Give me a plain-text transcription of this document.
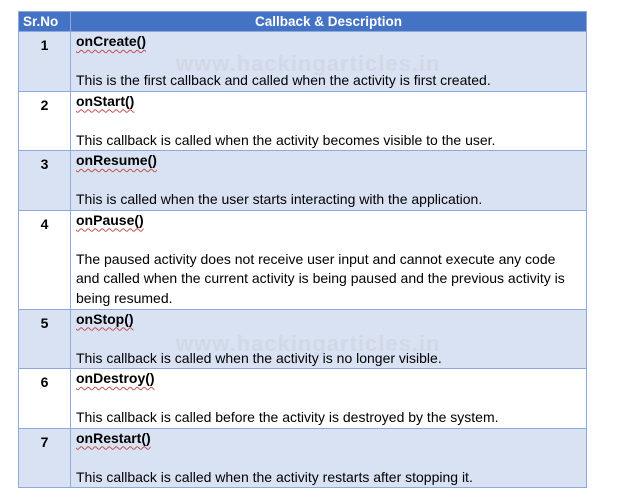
Sr.No	Callback & Description
1	onCreate()
This is the first callback and called when the activity is first created.

2	onStart()
This callback is called when the activity becomes visible to the user.

3	onResume()
This is called when the user starts interacting with the application.

4	onPause()
The paused activity does not receive user input and cannot execute any code and called when the current activity is being paused and the previous activity is being resumed.

5	onStop()
This callback is called when the activity is no longer visible.

6	onDestroy()
This callback is called before the activity is destroyed by the system.

7	onRestart()
This callback is called when the activity restarts after stopping it.
